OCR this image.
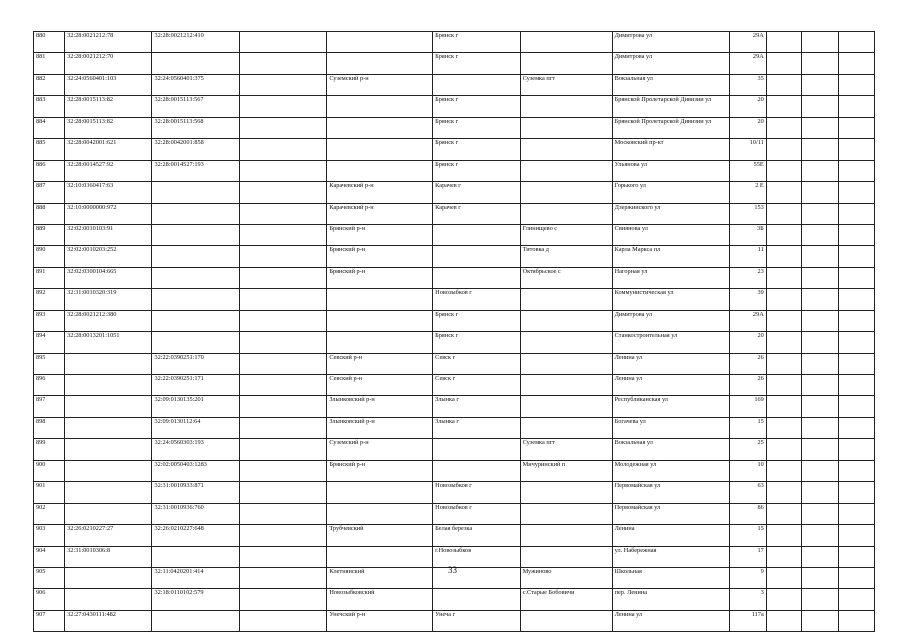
880	32:28:0021212:78	32:28:0021212:410			Брянск г		Димитрова ул	29А			
881	32:28:0021212:70				Брянск г		Димитрова ул	29А			
882	32:24:0560401:103	32:24:0560401:375		Суземский р-н		Суземка пгт	Вокзальная ул	35			
883	32:28:0015113:82	32:28:0015113:567			Брянск г		Брянской Пролетарской Дивизии ул	20			
884	32:28:0015113:82	32:28:0015113:568			Брянск г		Брянской Пролетарской Дивизии ул	20			
885	32:28:0042001:621	32:28:0042001:858			Брянск г		Московский пр-кт	10/11			
886	32:28:0014527:92	32:28:0014527:193			Брянск г		Ульянова ул	55Е			
887	32:10:0360417:63			Карачевский р-н	Карачев г		Горького ул	2 Е			
888	32:10:0000000:972			Карачевский р-н	Карачев г		Дзержинского ул	153			
889	32:02:0010103:91			Брянский р-н		Глинищево с	Свиянова ул	3Б			
890	32:02:0010203:252			Брянский р-н		Титовка д	Карла Маркса пл	11			
891	32:02:0300104:665			Брянский р-н		Октябрьское с	Нагорная ул	23			
892	32:31:0010320:319				Новозыбков г		Коммунистическая ул	39			
893	32:28:0021212:380				Брянск г		Димитрова ул	29А			
894	32:28:0013201:1051				Брянск г		Станкостроительная ул	20			
895		32:22:0390251:170		Севский р-н	Севск г		Ленина ул	26			
896		32:22:0390251:171		Севский р-н	Севск г		Ленина ул	26			
897		32:09:0130135:201		Злынковский р-н	Злынка г		Республиканская ул	169			
898		32:09:0130112:64		Злынковский р-н	Злынка г		Богачева ул	15			
899		32:24:0560303:193		Суземский р-н		Суземка пгт	Вокзальная ул	25			
900		32:02:0050403:1283		Брянский р-н		Мичуринский п	Молодежная ул	10			
901		32:31:0010933:871			Новозыбков г		Первомайская ул	63			
902		32:31:0010936:760			Новозыбков г		Первомайская ул	86			
903	32:26:0210227:27	32:26:0210227:648		Трубчевский	Белая березка		Ленина	15			
904	32:31:0010306:8				г.Новозыбков		ул. Набережная	17			
905		32:11:0420201:414		Клетнянский		Мужиново	Школьная	9			
906		32:18:0110102:579		Новозыбковский		с.Старые Бобовичи	пер. Ленина	3			
907	32:27:0430111:482			Унечский р-н	Унеча г		Ленина ул	117а			
33
